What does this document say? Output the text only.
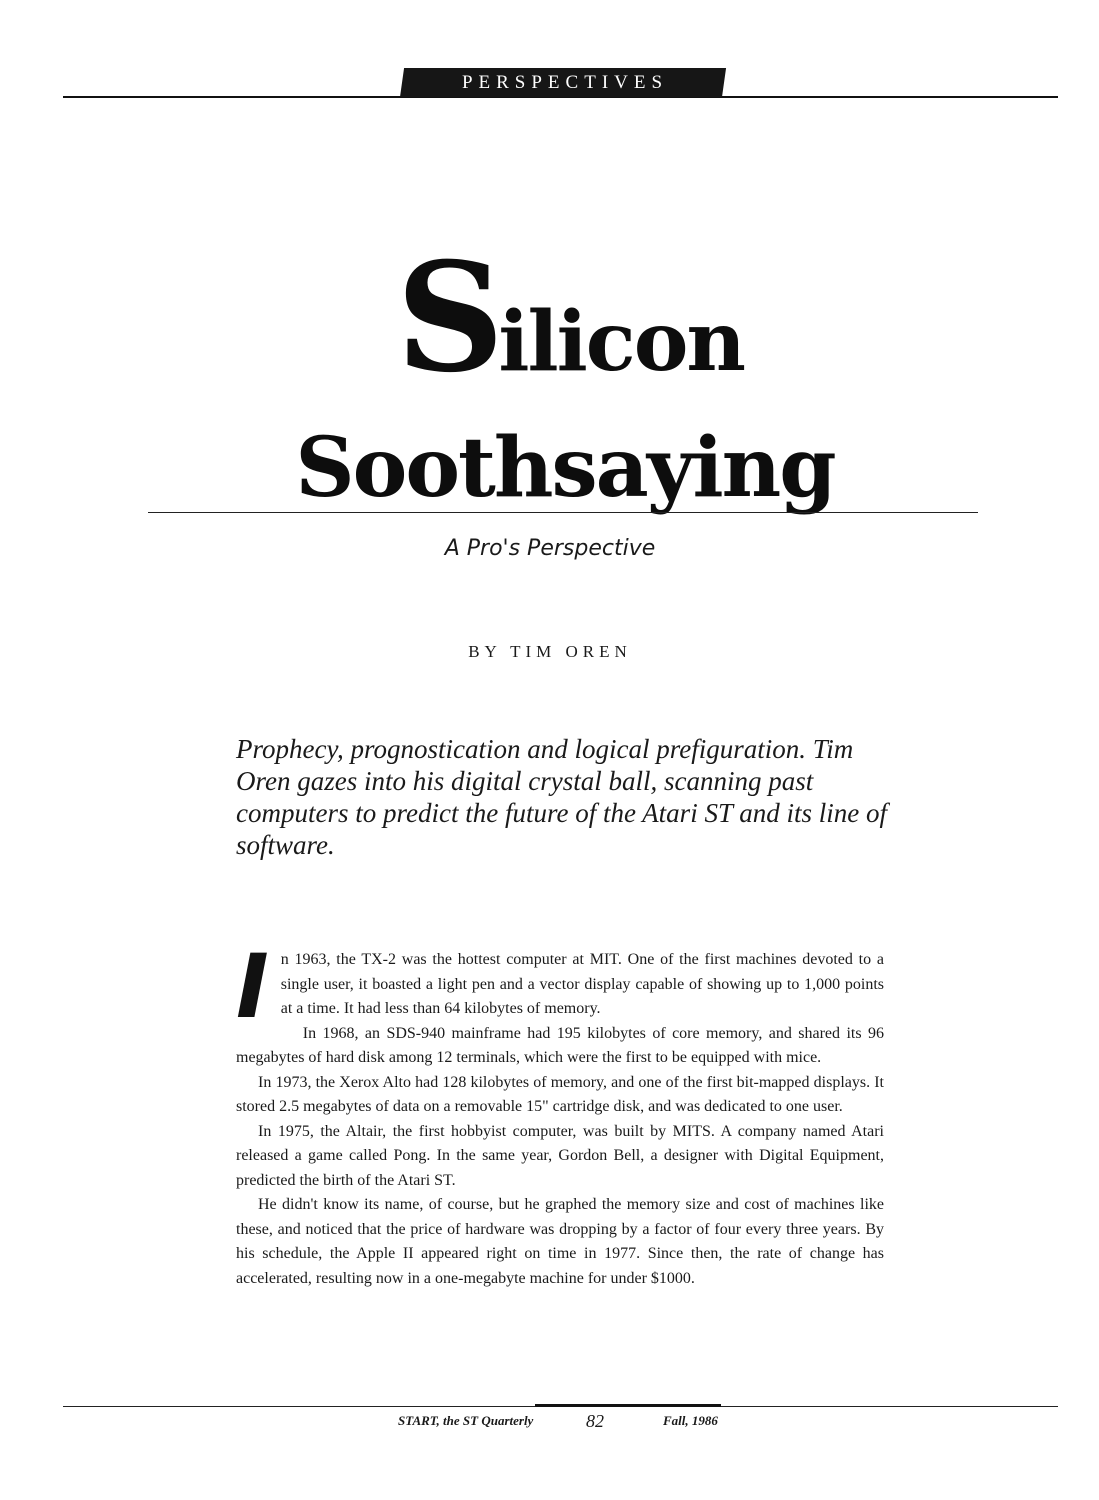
PERSPECTIVES
Silicon
Soothsaying
A Pro's Perspective
BY TIM OREN
Prophecy, prognostication and logical prefiguration. Tim Oren gazes into his digital crystal ball, scanning past computers to predict the future of the Atari ST and its line of software.

In 1963, the TX-2 was the hottest computer at MIT. One of the first machines devoted to a single user, it boasted a light pen and a vector display capable of showing up to 1,000 points at a time. It had less than 64 kilobytes of memory.

In 1968, an SDS-940 mainframe had 195 kilobytes of core memory, and shared its 96 megabytes of hard disk among 12 terminals, which were the first to be equipped with mice.

In 1973, the Xerox Alto had 128 kilobytes of memory, and one of the first bit-mapped displays. It stored 2.5 megabytes of data on a removable 15" cartridge disk, and was dedicated to one user.

In 1975, the Altair, the first hobbyist computer, was built by MITS. A company named Atari released a game called Pong. In the same year, Gordon Bell, a designer with Digital Equipment, predicted the birth of the Atari ST.

He didn't know its name, of course, but he graphed the memory size and cost of machines like these, and noticed that the price of hardware was dropping by a factor of four every three years. By his schedule, the Apple II appeared right on time in 1977. Since then, the rate of change has accelerated, resulting now in a one-megabyte machine for under $1000.

START, the ST Quarterly	82	Fall, 1986
